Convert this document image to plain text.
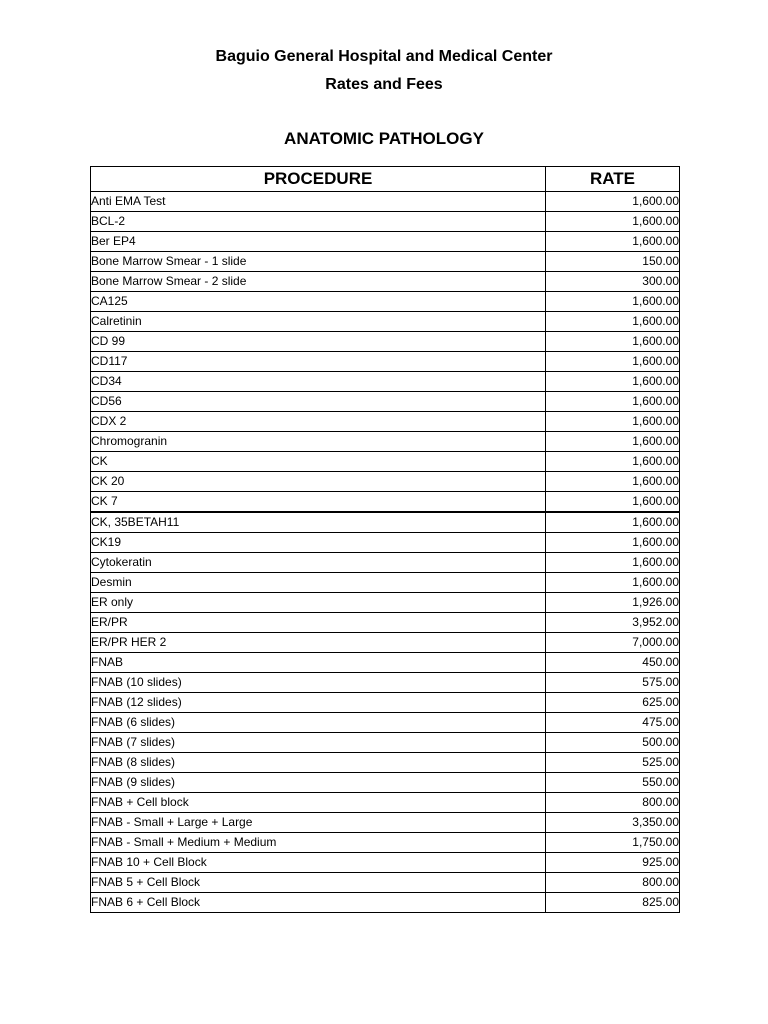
Baguio General Hospital and Medical Center
Rates and Fees
ANATOMIC PATHOLOGY
PROCEDURE	RATE
Anti EMA Test	1,600.00
BCL-2	1,600.00
Ber EP4	1,600.00
Bone Marrow Smear - 1 slide	150.00
Bone Marrow Smear - 2 slide	300.00
CA125	1,600.00
Calretinin	1,600.00
CD 99	1,600.00
CD117	1,600.00
CD34	1,600.00
CD56	1,600.00
CDX 2	1,600.00
Chromogranin	1,600.00
CK	1,600.00
CK 20	1,600.00
CK 7	1,600.00
CK, 35BETAH11	1,600.00
CK19	1,600.00
Cytokeratin	1,600.00
Desmin	1,600.00
ER only	1,926.00
ER/PR	3,952.00
ER/PR HER 2	7,000.00
FNAB	450.00
FNAB (10 slides)	575.00
FNAB (12 slides)	625.00
FNAB (6 slides)	475.00
FNAB (7 slides)	500.00
FNAB (8 slides)	525.00
FNAB (9 slides)	550.00
FNAB + Cell block	800.00
FNAB - Small + Large + Large	3,350.00
FNAB - Small + Medium + Medium	1,750.00
FNAB 10 + Cell Block	925.00
FNAB 5 + Cell Block	800.00
FNAB 6 + Cell Block	825.00
